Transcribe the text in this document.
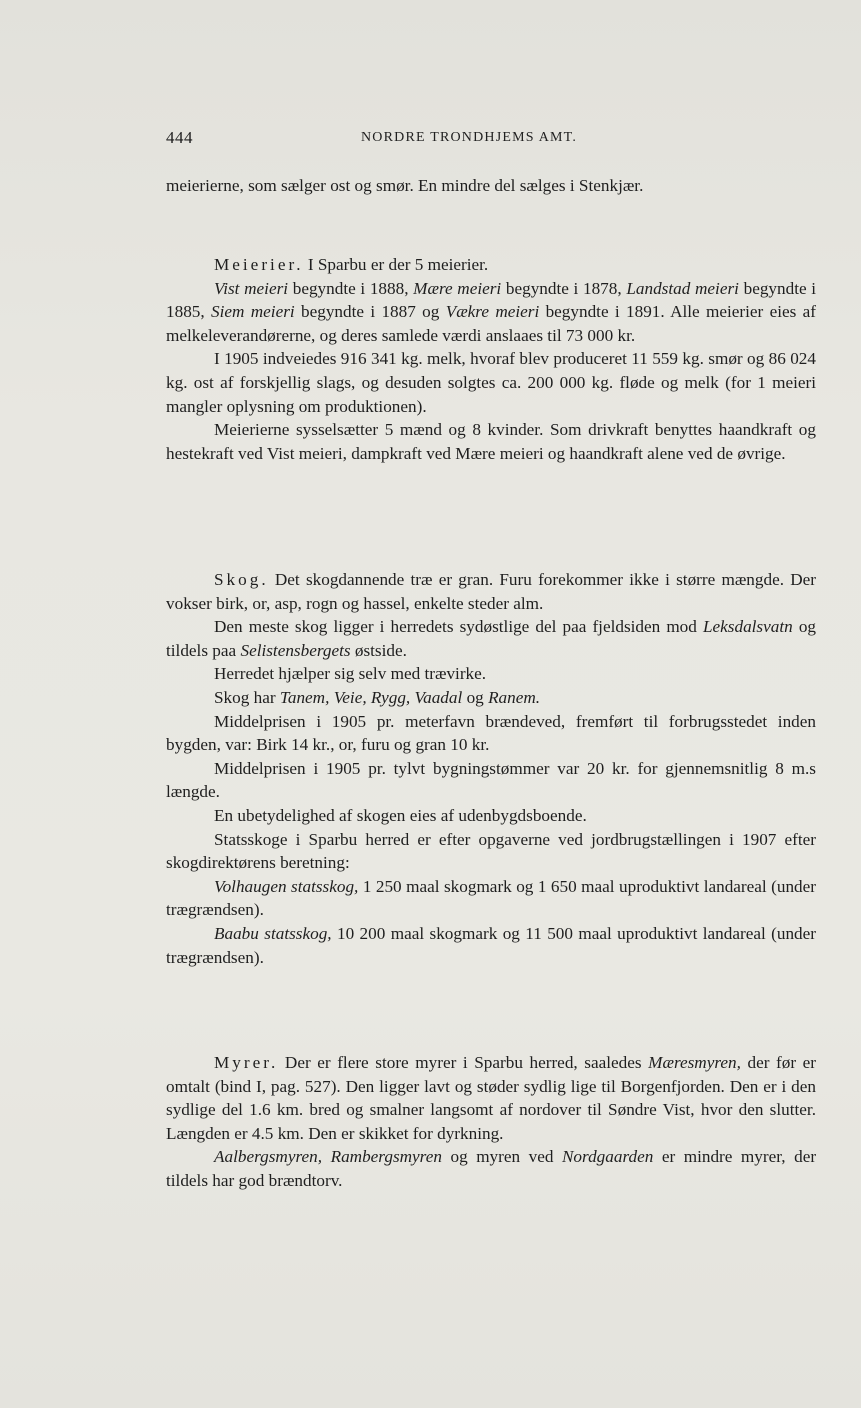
444	NORDRE TRONDHJEMS AMT.

meierierne, som sælger ost og smør. En mindre del sælges i Stenkjær.

Meierier. I Sparbu er der 5 meierier.

Vist meieri begyndte i 1888, Mære meieri begyndte i 1878, Landstad meieri begyndte i 1885, Siem meieri begyndte i 1887 og Vækre meieri begyndte i 1891. Alle meierier eies af melkeleverandørerne, og deres samlede værdi anslaaes til 73 000 kr.

I 1905 indveiedes 916 341 kg. melk, hvoraf blev produceret 11 559 kg. smør og 86 024 kg. ost af forskjellig slags, og desuden solgtes ca. 200 000 kg. fløde og melk (for 1 meieri mangler oplysning om produktionen).

Meierierne sysselsætter 5 mænd og 8 kvinder. Som drivkraft benyttes haandkraft og hestekraft ved Vist meieri, dampkraft ved Mære meieri og haandkraft alene ved de øvrige.

Skog. Det skogdannende træ er gran. Furu forekommer ikke i større mængde. Der vokser birk, or, asp, rogn og hassel, enkelte steder alm.

Den meste skog ligger i herredets sydøstlige del paa fjeldsiden mod Leksdalsvatn og tildels paa Selistensbergets østside.

Herredet hjælper sig selv med trævirke.

Skog har Tanem, Veie, Rygg, Vaadal og Ranem.

Middelprisen i 1905 pr. meterfavn brændeved, fremført til forbrugsstedet inden bygden, var: Birk 14 kr., or, furu og gran 10 kr.

Middelprisen i 1905 pr. tylvt bygningstømmer var 20 kr. for gjennemsnitlig 8 m.s længde.

En ubetydelighed af skogen eies af udenbygdsboende.

Statsskoge i Sparbu herred er efter opgaverne ved jordbrugstællingen i 1907 efter skogdirektørens beretning:

Volhaugen statsskog, 1 250 maal skogmark og 1 650 maal uproduktivt landareal (under trægrændsen).

Baabu statsskog, 10 200 maal skogmark og 11 500 maal uproduktivt landareal (under trægrændsen).

Myrer. Der er flere store myrer i Sparbu herred, saaledes Mæresmyren, der før er omtalt (bind I, pag. 527). Den ligger lavt og støder sydlig lige til Borgenfjorden. Den er i den sydlige del 1.6 km. bred og smalner langsomt af nordover til Søndre Vist, hvor den slutter. Længden er 4.5 km. Den er skikket for dyrkning.

Aalbergsmyren, Rambergsmyren og myren ved Nordgaarden er mindre myrer, der tildels har god brændtorv.
